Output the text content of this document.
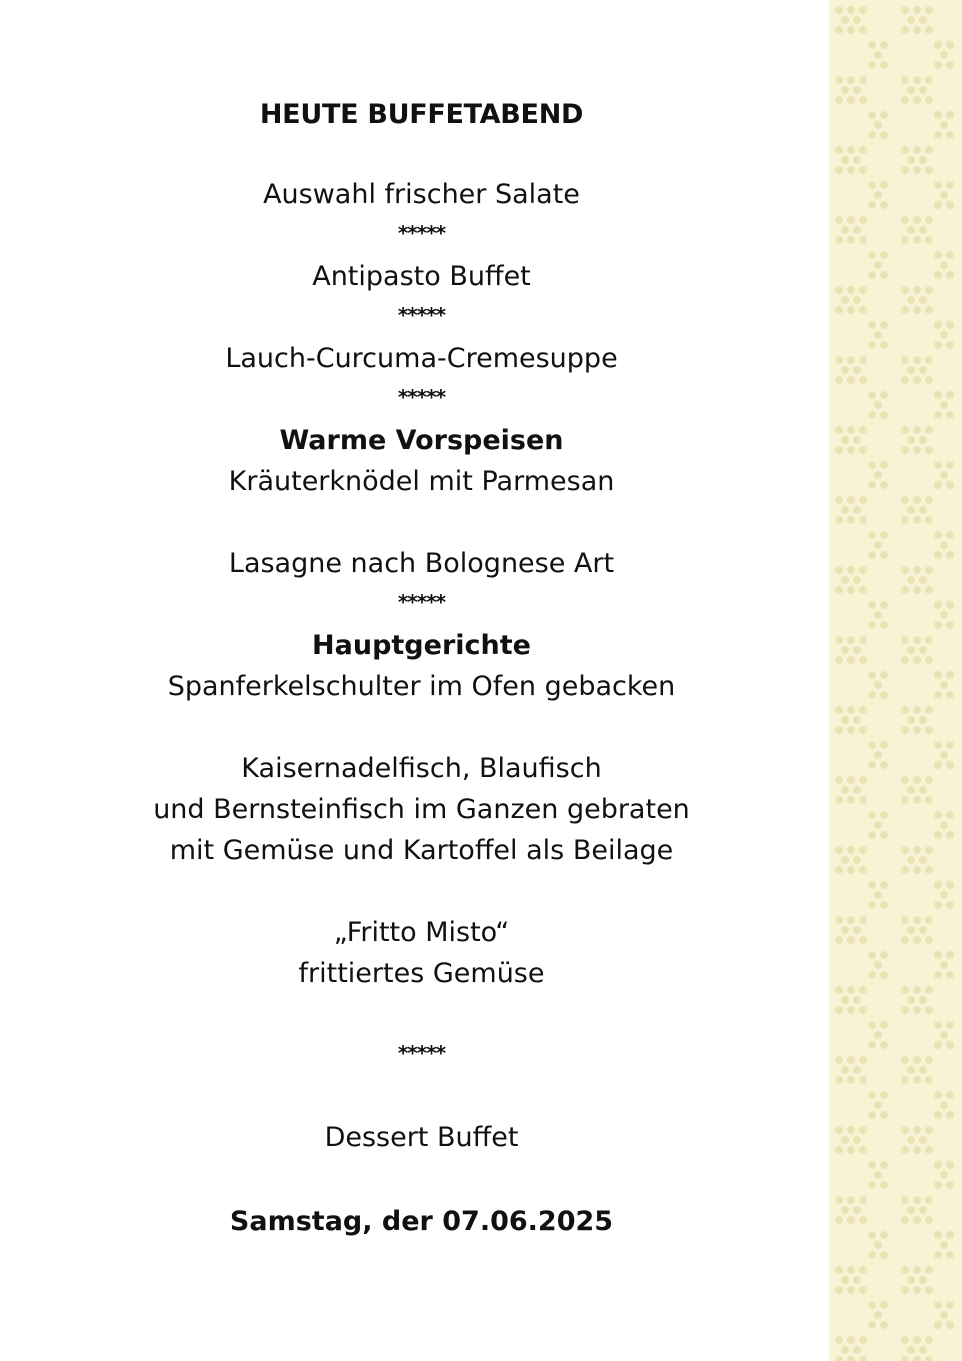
HEUTE BUFFETABEND
Auswahl frischer Salate
*****
Antipasto Buffet
*****
Lauch-Curcuma-Cremesuppe
*****
Warme Vorspeisen
Kräuterknödel mit Parmesan
Lasagne nach Bolognese Art
*****
Hauptgerichte
Spanferkelschulter im Ofen gebacken
Kaisernadelfisch, Blaufisch
und Bernsteinfisch im Ganzen gebraten
mit Gemüse und Kartoffel als Beilage
„Fritto Misto“
frittiertes Gemüse
*****
Dessert Buffet
Samstag, der 07.06.2025
